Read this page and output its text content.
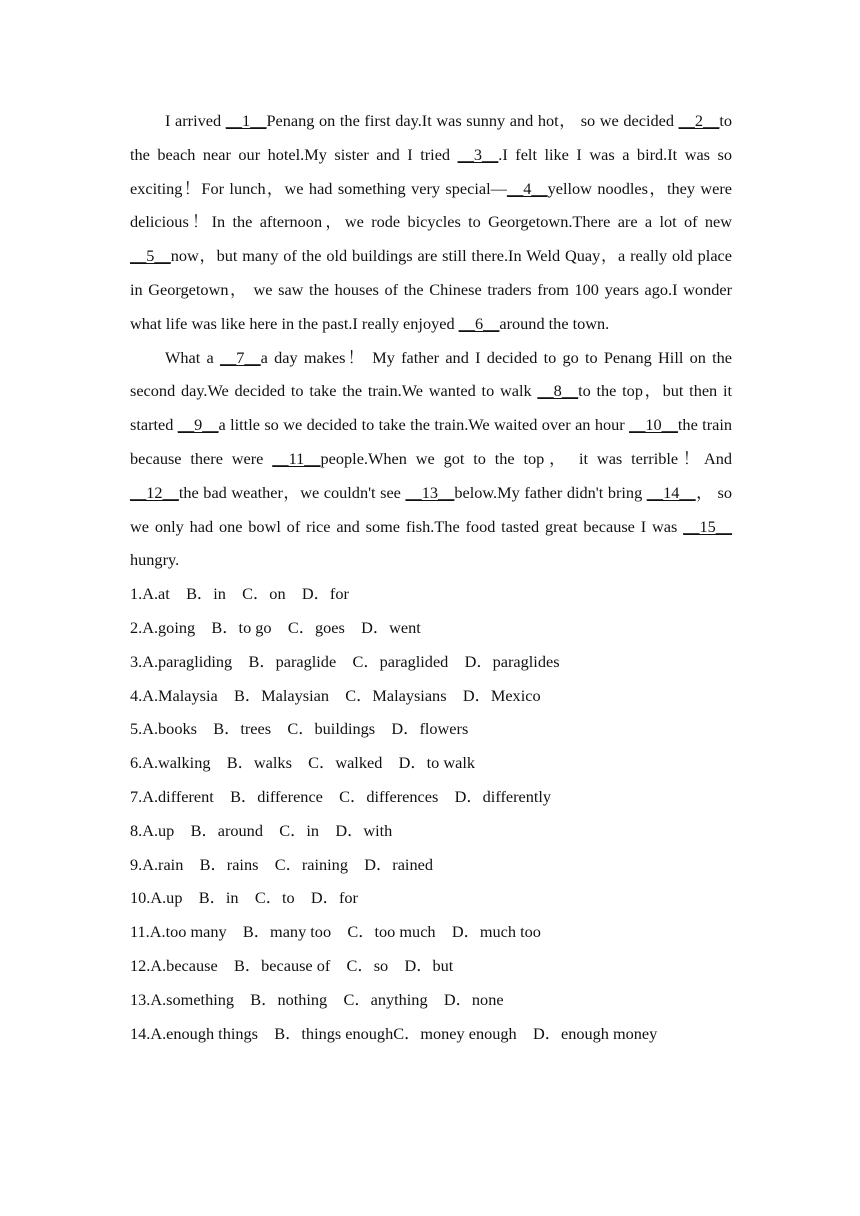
I arrived __1__Penang on the first day.It was sunny and hot， so we decided __2__to the beach near our hotel.My sister and I tried __3__.I felt like I was a bird.It was so exciting！For lunch，we had something very special—__4__yellow noodles，they were delicious！In the afternoon，we rode bicycles to Georgetown.There are a lot of new __5__now，but many of the old buildings are still there.In Weld Quay，a really old place in Georgetown， we saw the houses of the Chinese traders from 100 years ago.I wonder what life was like here in the past.I really enjoyed __6__around the town.

What a __7__a day makes！ My father and I decided to go to Penang Hill on the second day.We decided to take the train.We wanted to walk __8__to the top，but then it started __9__a little so we decided to take the train.We waited over an hour __10__the train because there were __11__people.When we got to the top， it was terrible！And __12__the bad weather，we couldn't see __13__below.My father didn't bring __14__， so we only had one bowl of rice and some fish.The food tasted great because I was __15__ hungry.

1.A.at　B．in　C．on　D．for
2.A.going　B．to go　C．goes　D．went
3.A.paragliding　B．paraglide　C．paraglided　D．paraglides
4.A.Malaysia　B．Malaysian　C．Malaysians　D．Mexico
5.A.books　B．trees　C．buildings　D．flowers
6.A.walking　B．walks　C．walked　D．to walk
7.A.different　B．difference　C．differences　D．differently
8.A.up　B．around　C．in　D．with
9.A.rain　B．rains　C．raining　D．rained
10.A.up　B．in　C．to　D．for
11.A.too many　B．many too　C．too much　D．much too
12.A.because　B．because of　C．so　D．but
13.A.something　B．nothing　C．anything　D．none
14.A.enough things　B．things enoughC．money enough　D．enough money
